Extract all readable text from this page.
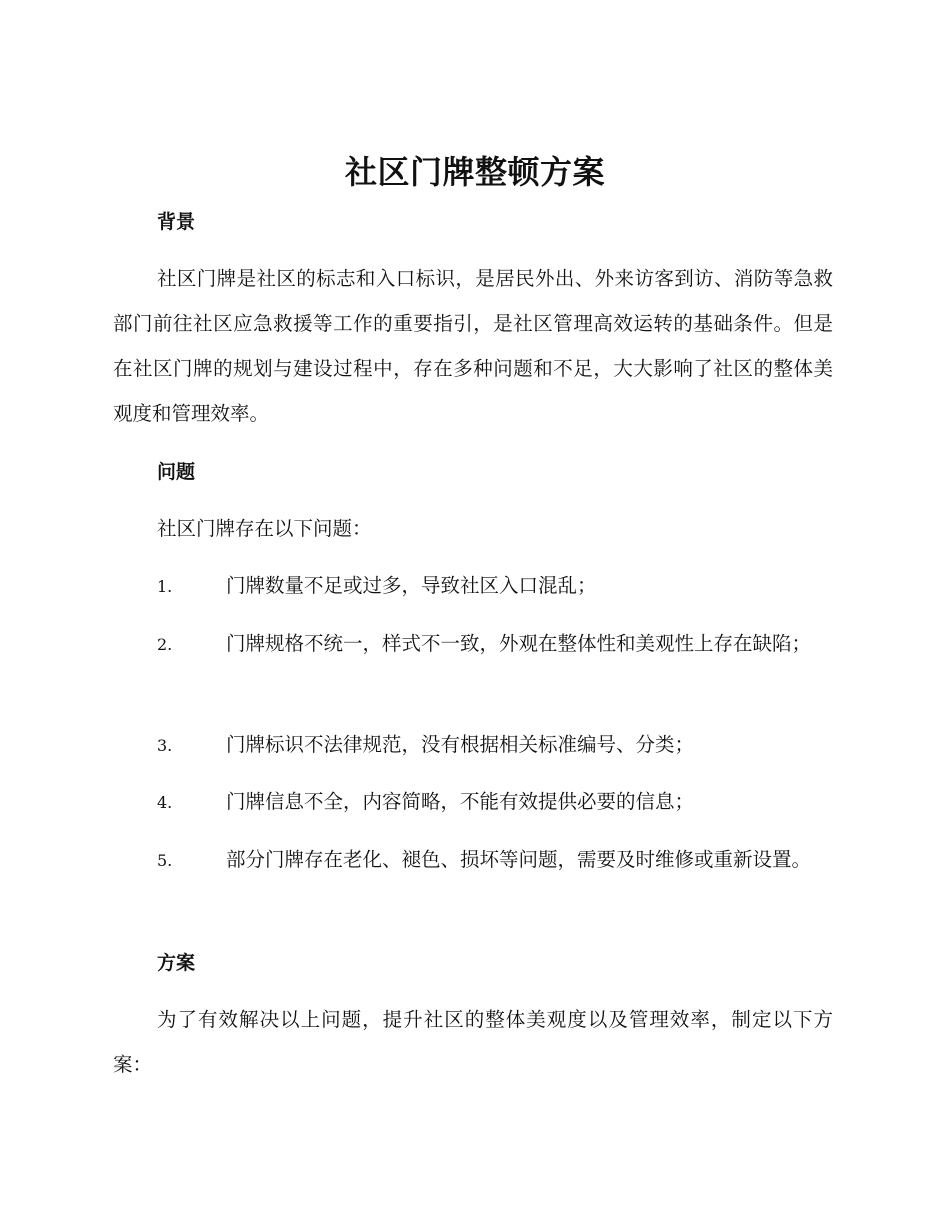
社区门牌整顿方案
背景

社区门牌是社区的标志和入口标识，是居民外出、外来访客到访、消防等急救部门前往社区应急救援等工作的重要指引，是社区管理高效运转的基础条件。但是在社区门牌的规划与建设过程中，存在多种问题和不足，大大影响了社区的整体美观度和管理效率。

问题

社区门牌存在以下问题：

1.	门牌数量不足或过多，导致社区入口混乱；
2.	门牌规格不统一，样式不一致，外观在整体性和美观性上存在缺陷；
3.	门牌标识不法律规范，没有根据相关标准编号、分类；
4.	门牌信息不全，内容简略，不能有效提供必要的信息；
5.	部分门牌存在老化、褪色、损坏等问题，需要及时维修或重新设置。
方案

为了有效解决以上问题，提升社区的整体美观度以及管理效率，制定以下方案：
